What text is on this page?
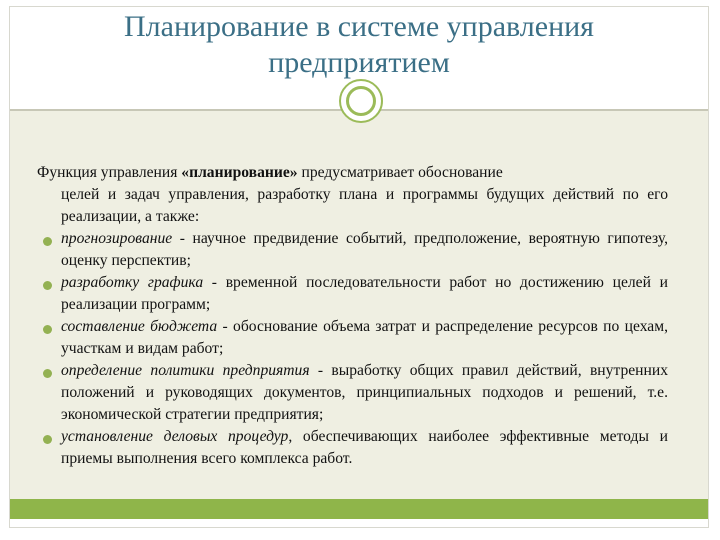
Планирование в системе управления
предприятием
Функция управления «планирование» предусматривает обоснование
целей и задач управления, разработку плана и программы будущих действий по его реализации, а также:
прогнозирование - научное предвидение событий, предположение, вероятную гипотезу, оценку перспектив;
разработку графика - временной последовательности работ но достижению целей и реализации программ;
составление бюджета - обоснование объема затрат и распределение ресурсов по цехам, участкам и видам работ;
определение политики предприятия - выработку общих правил действий, внутренних положений и руководящих документов, принципиальных подходов и решений, т.е. экономической стратегии предприятия;
установление деловых процедур, обеспечивающих наиболее эффективные методы и приемы выполнения всего комплекса работ.
